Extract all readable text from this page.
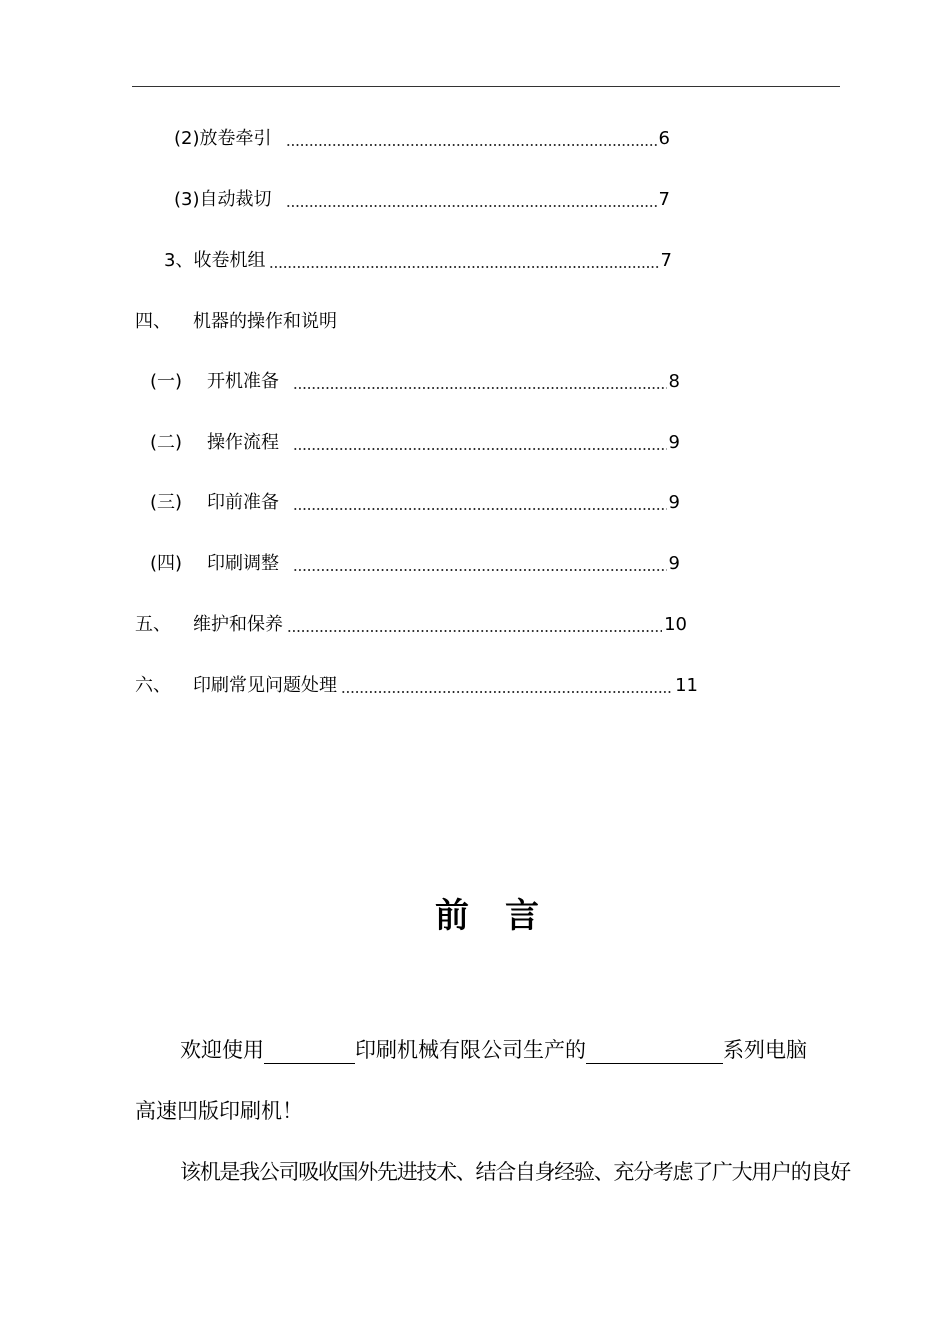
(2) 放卷牵引	6
(3) 自动裁切	7
3、 收卷机组	7
四、	机器的操作和说明
(一)	开机准备	8
(二)	操作流程	9
(三)	印前准备	9
(四)	印刷调整	9
五、	维护和保养	10
六、	印刷常见问题处理	11
前言
欢迎使用	印刷机械有限公司生产的	系列电脑
高速凹版印刷机！
该机是我公司吸收国外先进技术、结合自身经验、充分考虑了广大用户的良好
